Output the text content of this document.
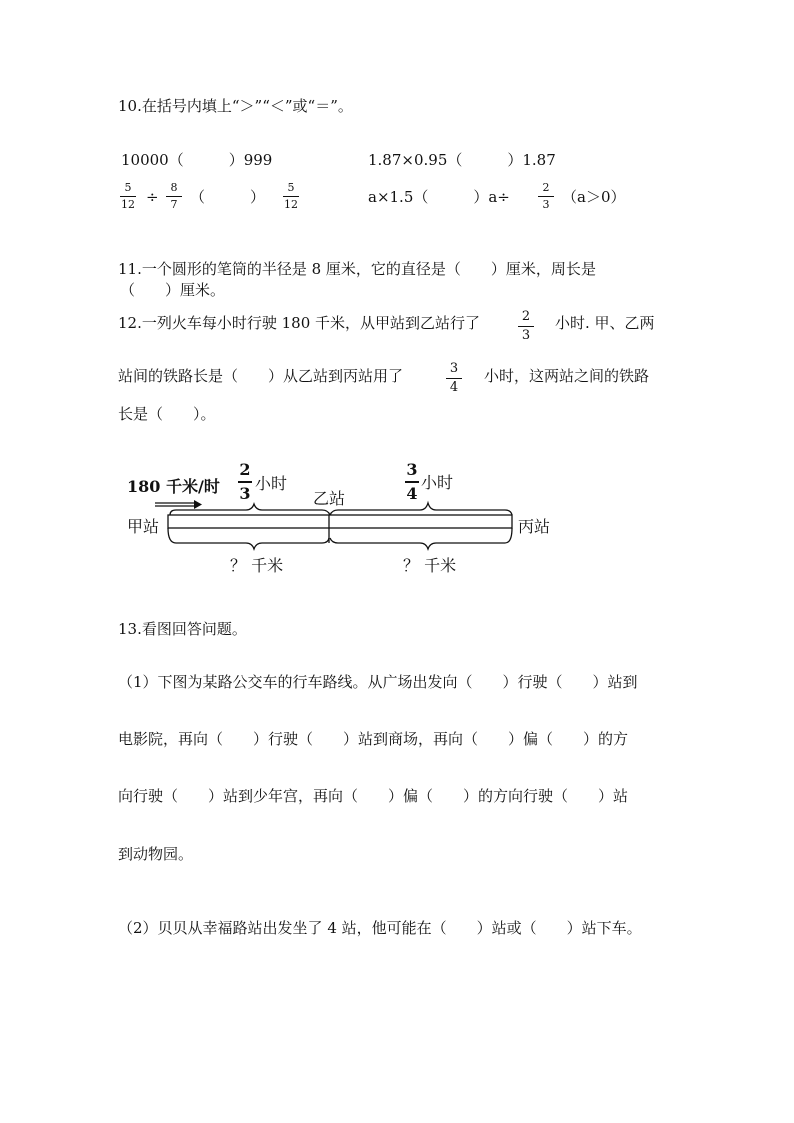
10.在括号内填上“＞”“＜”或“＝”。
10000（　　　）999	1.87×0.95（　　　）1.87
5
12 ÷
8
7 （　　　）
5
12	a×1.5（　　　）a÷
2
3 （a＞0）
11.一个圆形的笔筒的半径是 8 厘米，它的直径是（　　）厘米，周长是
（　　）厘米。
12.一列火车每小时行驶 180 千米，从甲站到乙站行了	2
3
小时. 甲、乙两
站间的铁路长是（　　）从乙站到丙站用了	3
4
小时，这两站之间的铁路
长是（　　）。
180 千米/时
2
3
小时
3
4
小时
乙站
甲站	丙站
？ 千米	？ 千米
13.看图回答问题。
（1）下图为某路公交车的行车路线。从广场出发向（　　）行驶（　　）站到
电影院，再向（　　）行驶（　　）站到商场，再向（　　）偏（　　）的方
向行驶（　　）站到少年宫，再向（　　）偏（　　）的方向行驶（　　）站
到动物园。
（2）贝贝从幸福路站出发坐了 4 站，他可能在（　　）站或（　　）站下车。
